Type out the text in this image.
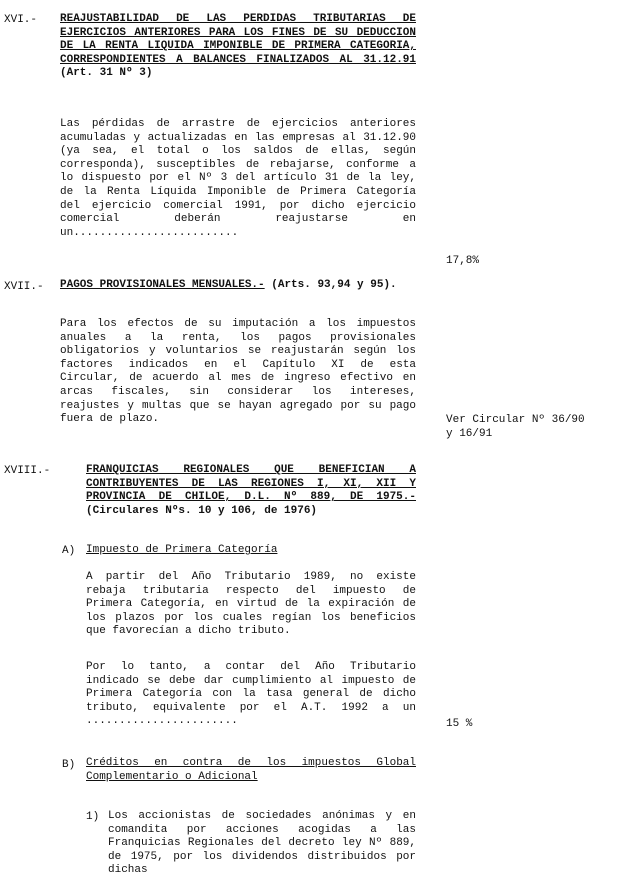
XVI.- REAJUSTABILIDAD DE LAS PERDIDAS TRIBUTARIAS DE EJERCICIOS ANTERIORES PARA LOS FINES DE SU DEDUCCION DE LA RENTA LIQUIDA IMPONIBLE DE PRIMERA CATEGORIA, CORRESPONDIENTES A BALANCES FINALIZADOS AL 31.12.91 (Art. 31 Nº 3)
Las pérdidas de arrastre de ejercicios anteriores acumuladas y actualizadas en las empresas al 31.12.90 (ya sea, el total o los saldos de ellas, según corresponda), susceptibles de rebajarse, conforme a lo dispuesto por el Nº 3 del artículo 31 de la ley, de la Renta Líquida Imponible de Primera Categoría del ejercicio comercial 1991, por dicho ejercicio comercial deberán reajustarse en un.........................
17,8%
XVII.- PAGOS PROVISIONALES MENSUALES.- (Arts. 93,94 y 95).
Para los efectos de su imputación a los impuestos anuales a la renta, los pagos provisionales obligatorios y voluntarios se reajustarán según los factores indicados en el Capítulo XI de esta Circular, de acuerdo al mes de ingreso efectivo en arcas fiscales, sin considerar los intereses, reajustes y multas que se hayan agregado por su pago fuera de plazo.	Ver Circular Nº 36/90
y 16/91
XVIII.-	FRANQUICIAS REGIONALES QUE BENEFICIAN A CONTRIBUYENTES DE LAS REGIONES I, XI, XII Y PROVINCIA DE CHILOE, D.L. Nº 889, DE 1975.- (Circulares Nºs. 10 y 106, de 1976)
A) Impuesto de Primera Categoría
A partir del Año Tributario 1989, no existe rebaja tributaria respecto del impuesto de Primera Categoría, en virtud de la expiración de los plazos por los cuales regían los beneficios que favorecían a dicho tributo.
Por lo tanto, a contar del Año Tributario indicado se debe dar cumplimiento al impuesto de Primera Categoría con la tasa general de dicho tributo, equivalente por el A.T. 1992 a un .......................	15 %
B) Créditos en contra de los impuestos Global Complementario o Adicional
1) Los accionistas de sociedades anónimas y en comandita por acciones acogidas a las Franquicias Regionales del decreto ley Nº 889, de 1975, por los dividendos distribuidos por dichas
